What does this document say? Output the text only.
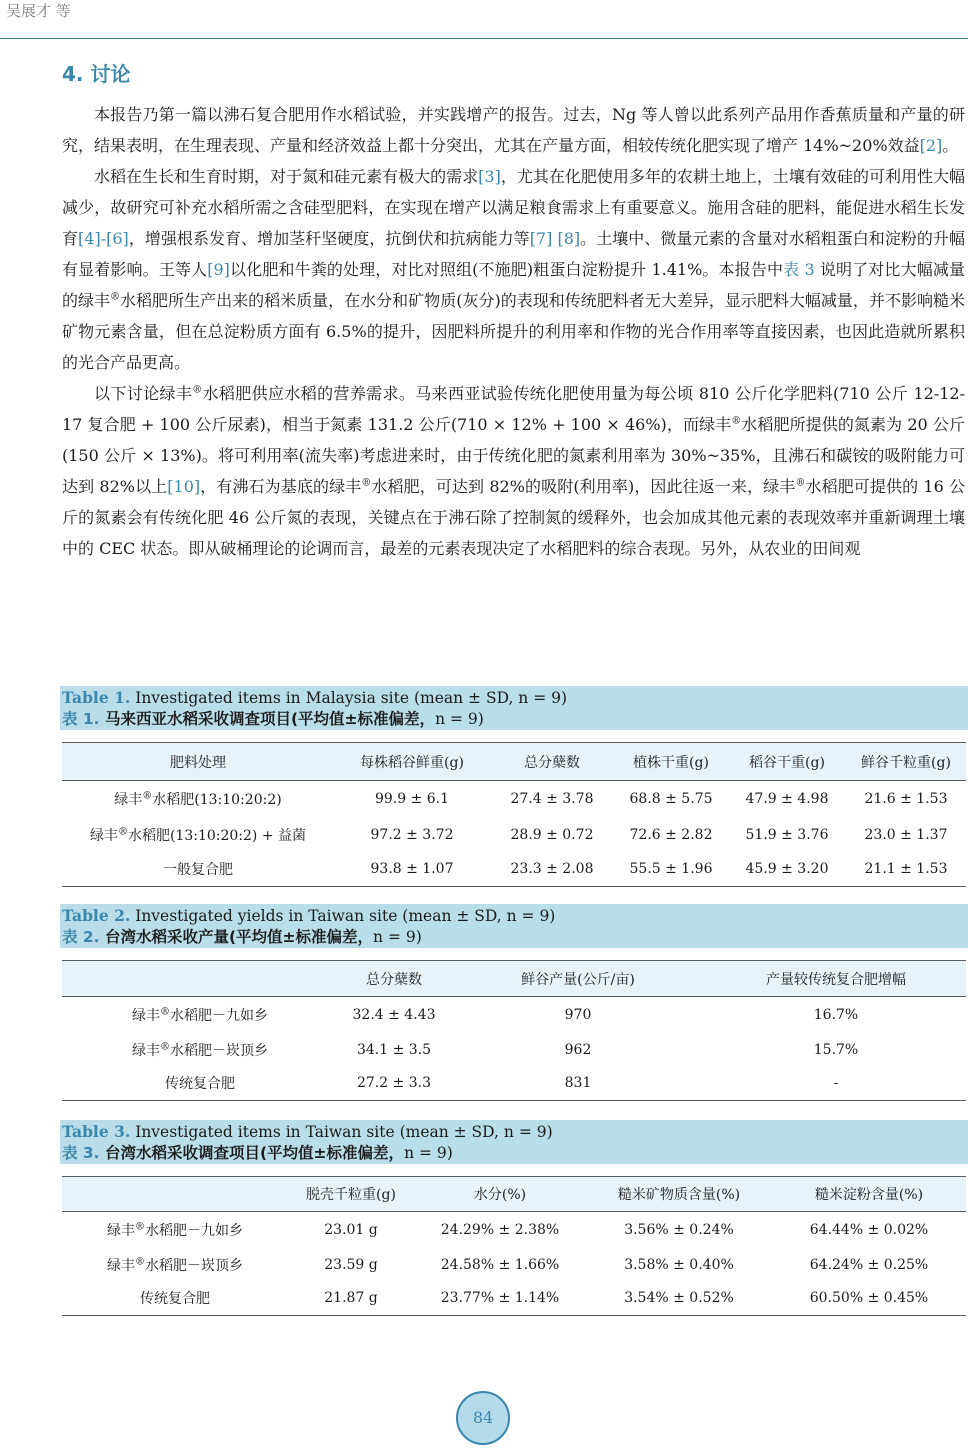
吴展才 等
4. 讨论

本报告乃第一篇以沸石复合肥用作水稻试验，并实践增产的报告。过去，Ng 等人曾以此系列产品用作香蕉质量和产量的研究，结果表明，在生理表现、产量和经济效益上都十分突出，尤其在产量方面，相较传统化肥实现了增产 14%~20%效益[2]。

水稻在生长和生育时期，对于氮和硅元素有极大的需求[3]，尤其在化肥使用多年的农耕土地上，土壤有效硅的可利用性大幅减少，故研究可补充水稻所需之含硅型肥料，在实现在增产以满足粮食需求上有重要意义。施用含硅的肥料，能促进水稻生长发育[4]-[6]，增强根系发育、增加茎秆坚硬度，抗倒伏和抗病能力等[7] [8]。土壤中、微量元素的含量对水稻粗蛋白和淀粉的升幅有显着影响。王等人[9]以化肥和牛粪的处理，对比对照组(不施肥)粗蛋白淀粉提升 1.41%。本报告中表 3 说明了对比大幅减量的绿丰®水稻肥所生产出来的稻米质量，在水分和矿物质(灰分)的表现和传统肥料者无大差异，显示肥料大幅减量，并不影响糙米矿物元素含量，但在总淀粉质方面有 6.5%的提升，因肥料所提升的利用率和作物的光合作用率等直接因素，也因此造就所累积的光合产品更高。

以下讨论绿丰®水稻肥供应水稻的营养需求。马来西亚试验传统化肥使用量为每公顷 810 公斤化学肥料(710 公斤 12-12-17 复合肥 + 100 公斤尿素)，相当于氮素 131.2 公斤(710 × 12% + 100 × 46%)，而绿丰®水稻肥所提供的氮素为 20 公斤(150 公斤 × 13%)。将可利用率(流失率)考虑进来时，由于传统化肥的氮素利用率为 30%~35%，且沸石和碳铵的吸附能力可达到 82%以上[10]，有沸石为基底的绿丰®水稻肥，可达到 82%的吸附(利用率)，因此往返一来，绿丰®水稻肥可提供的 16 公斤的氮素会有传统化肥 46 公斤氮的表现，关键点在于沸石除了控制氮的缓释外，也会加成其他元素的表现效率并重新调理土壤中的 CEC 状态。即从破桶理论的论调而言，最差的元素表现决定了水稻肥料的综合表现。另外，从农业的田间观

Table 1. Investigated items in Malaysia site (mean ± SD, n = 9)
表 1. 马来西亚水稻采收调查项目(平均值±标准偏差，n = 9)
肥料处理	每株稻谷鲜重(g)	总分蘖数	植株干重(g)	稻谷干重(g)	鲜谷千粒重(g)
绿丰®水稻肥(13:10:20:2)	99.9 ± 6.1	27.4 ± 3.78	68.8 ± 5.75	47.9 ± 4.98	21.6 ± 1.53
绿丰®水稻肥(13:10:20:2) + 益菌	97.2 ± 3.72	28.9 ± 0.72	72.6 ± 2.82	51.9 ± 3.76	23.0 ± 1.37
一般复合肥	93.8 ± 1.07	23.3 ± 2.08	55.5 ± 1.96	45.9 ± 3.20	21.1 ± 1.53
Table 2. Investigated yields in Taiwan site (mean ± SD, n = 9)
表 2. 台湾水稻采收产量(平均值±标准偏差，n = 9)
	总分蘖数	鲜谷产量(公斤/亩)	产量较传统复合肥增幅
绿丰®水稻肥－九如乡	32.4 ± 4.43	970	16.7%
绿丰®水稻肥－崁顶乡	34.1 ± 3.5	962	15.7%
传统复合肥	27.2 ± 3.3	831	-
Table 3. Investigated items in Taiwan site (mean ± SD, n = 9)
表 3. 台湾水稻采收调查项目(平均值±标准偏差，n = 9)
	脱壳千粒重(g)	水分(%)	糙米矿物质含量(%)	糙米淀粉含量(%)
绿丰®水稻肥－九如乡	23.01 g	24.29% ± 2.38%	3.56% ± 0.24%	64.44% ± 0.02%
绿丰®水稻肥－崁顶乡	23.59 g	24.58% ± 1.66%	3.58% ± 0.40%	64.24% ± 0.25%
传统复合肥	21.87 g	23.77% ± 1.14%	3.54% ± 0.52%	60.50% ± 0.45%
84
